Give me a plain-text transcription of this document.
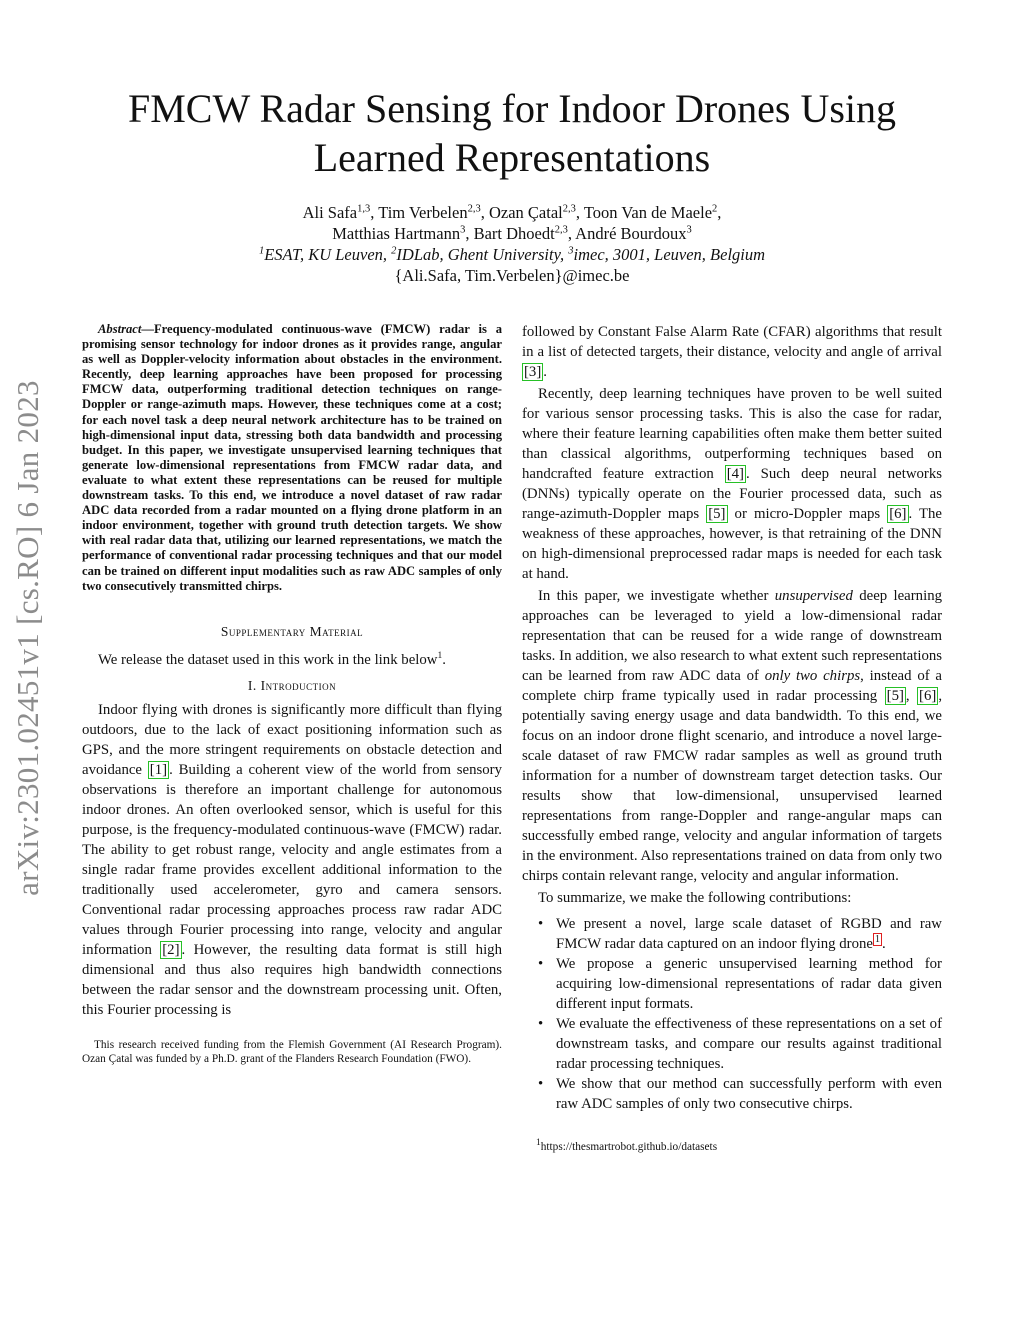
arXiv:2301.02451v1 [cs.RO] 6 Jan 2023
FMCW Radar Sensing for Indoor Drones Using
Learned Representations
Ali Safa$^{1,3}$, Tim Verbelen$^{2,3}$, Ozan Çatal$^{2,3}$, Toon Van de Maele$^2$,
Matthias Hartmann$^3$, Bart Dhoedt$^{2,3}$, André Bourdoux$^3$
$^1$ESAT, KU Leuven, $^2$IDLab, Ghent University, $^3$imec, 3001, Leuven, Belgium
{Ali.Safa, Tim.Verbelen}@imec.be

Abstract—Frequency-modulated continuous-wave (FMCW) radar is a promising sensor technology for indoor drones as it provides range, angular as well as Doppler-velocity information about obstacles in the environment. Recently, deep learning approaches have been proposed for processing FMCW data, outperforming traditional detection techniques on range-Doppler or range-azimuth maps. However, these techniques come at a cost; for each novel task a deep neural network architecture has to be trained on high-dimensional input data, stressing both data bandwidth and processing budget. In this paper, we investigate unsupervised learning techniques that generate low-dimensional representations from FMCW radar data, and evaluate to what extent these representations can be reused for multiple downstream tasks. To this end, we introduce a novel dataset of raw radar ADC data recorded from a radar mounted on a flying drone platform in an indoor environment, together with ground truth detection targets. We show with real radar data that, utilizing our learned representations, we match the performance of conventional radar processing techniques and that our model can be trained on different input modalities such as raw ADC samples of only two consecutively transmitted chirps.

Supplementary Material

We release the dataset used in this work in the link below$^1$.

I. Introduction

Indoor flying with drones is significantly more difficult than flying outdoors, due to the lack of exact positioning information such as GPS, and the more stringent requirements on obstacle detection and avoidance [1] . Building a coherent view of the world from sensory observations is therefore an important challenge for autonomous indoor drones. An often overlooked sensor, which is useful for this purpose, is the frequency-modulated continuous-wave (FMCW) radar. The ability to get robust range, velocity and angle estimates from a single radar frame provides excellent additional information to the traditionally used accelerometer, gyro and camera sensors. Conventional radar processing approaches process raw radar ADC values through Fourier processing into range, velocity and angular information [2] . However, the resulting data format is still high dimensional and thus also requires high bandwidth connections between the radar sensor and the downstream processing unit. Often, this Fourier processing is

This research received funding from the Flemish Government (AI Research Program). Ozan Çatal was funded by a Ph.D. grant of the Flanders Research Foundation (FWO).

followed by Constant False Alarm Rate (CFAR) algorithms that result in a list of detected targets, their distance, velocity and angle of arrival [3] .

Recently, deep learning techniques have proven to be well suited for various sensor processing tasks. This is also the case for radar, where their feature learning capabilities often make them better suited than classical algorithms, outperforming techniques based on handcrafted feature extraction [4] . Such deep neural networks (DNNs) typically operate on the Fourier processed data, such as range-azimuth-Doppler maps [5] or micro-Doppler maps [6] . The weakness of these approaches, however, is that retraining of the DNN on high-dimensional preprocessed radar maps is needed for each task at hand.

In this paper, we investigate whether unsupervised deep learning approaches can be leveraged to yield a low-dimensional radar representation that can be reused for a wide range of downstream tasks. In addition, we also research to what extent such representations can be learned from raw ADC data of only two chirps, instead of a complete chirp frame typically used in radar processing [5] , [6] , potentially saving energy usage and data bandwidth. To this end, we focus on an indoor drone flight scenario, and introduce a novel large-scale dataset of raw FMCW radar samples as well as ground truth information for a number of downstream target detection tasks. Our results show that low-dimensional, unsupervised learned representations from range-Doppler and range-angular maps can successfully embed range, velocity and angular information of targets in the environment. Also representations trained on data from only two chirps contain relevant range, velocity and angular information.

To summarize, we make the following contributions:

• We present a novel, large scale dataset of RGBD and raw FMCW radar data captured on an indoor flying drone $^1$ .
• We propose a generic unsupervised learning method for acquiring low-dimensional representations of radar data given different input formats.
• We evaluate the effectiveness of these representations on a set of downstream tasks, and compare our results against traditional radar processing techniques.
• We show that our method can successfully perform with even raw ADC samples of only two consecutive chirps.
$^1$https://thesmartrobot.github.io/datasets
